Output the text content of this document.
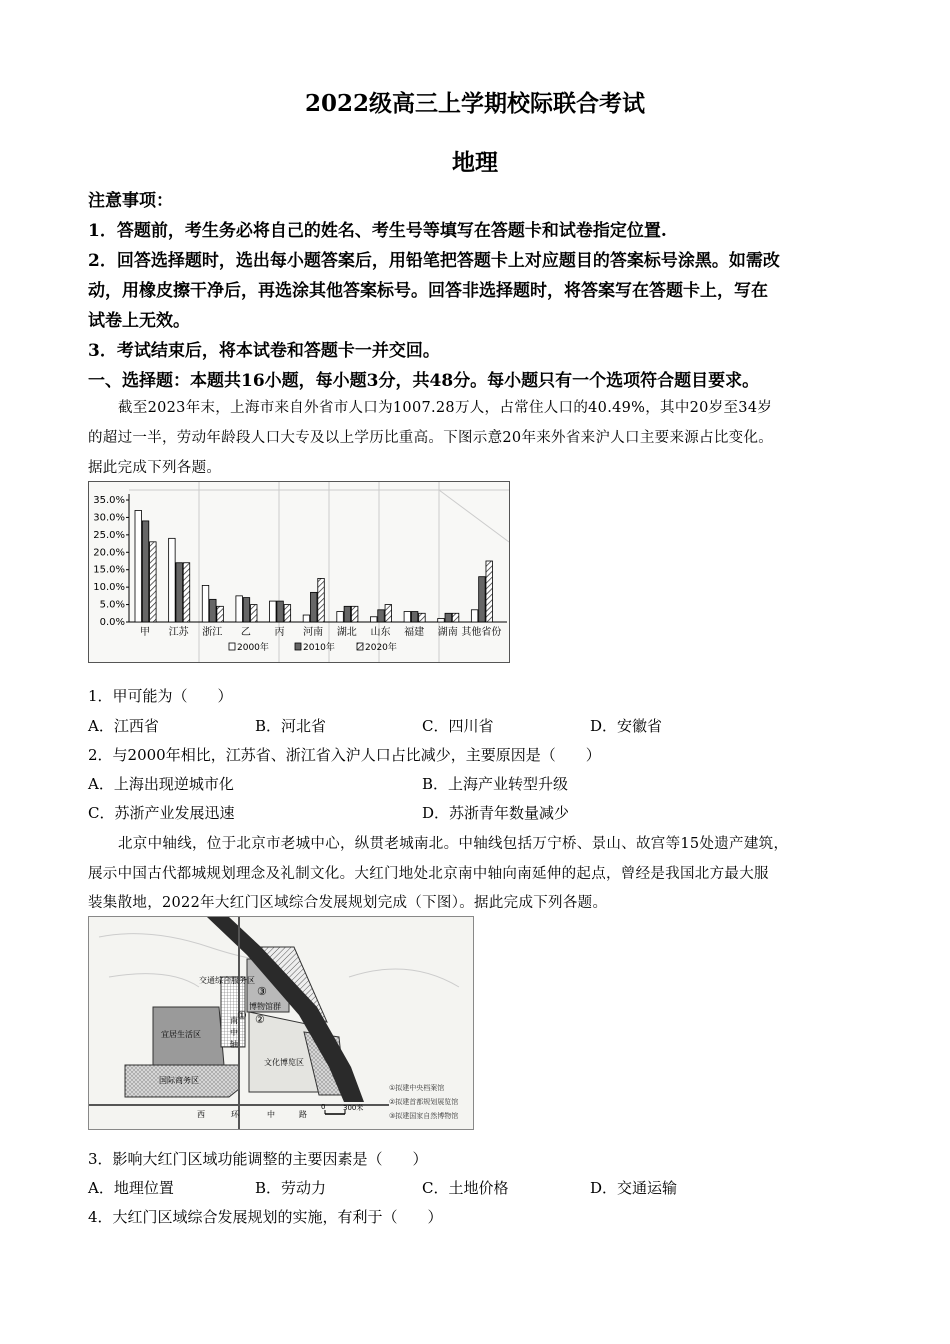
2022级高三上学期校际联合考试
地理
注意事项：
1．答题前，考生务必将自己的姓名、考生号等填写在答题卡和试卷指定位置.
2．回答选择题时，选出每小题答案后，用铅笔把答题卡上对应题目的答案标号涂黑。如需改
动，用橡皮擦干净后，再选涂其他答案标号。回答非选择题时，将答案写在答题卡上，写在
试卷上无效。
3．考试结束后，将本试卷和答题卡一并交回。
一、选择题：本题共16小题，每小题3分，共48分。每小题只有一个选项符合题目要求。
截至2023年末，上海市来自外省市人口为1007.28万人，占常住人口的40.49%，其中20岁至34岁
的超过一半，劳动年龄段人口大专及以上学历比重高。下图示意20年来外省来沪人口主要来源占比变化。
据此完成下列各题。
35.0%
30.0%
25.0%
20.0%
15.0%
10.0%
5.0%
0.0%
甲 江苏 浙江 乙 丙 河南 湖北 山东 福建 湖南 其他省份
2000年	2010年	2020年
1．甲可能为（　　）
A．江西省	B．河北省	C．四川省	D．安徽省
2．与2000年相比，江苏省、浙江省入沪人口占比减少，主要原因是（　　）
A．上海出现逆城市化	B．上海产业转型升级
C．苏浙产业发展迅速	D．苏浙青年数量减少
北京中轴线，位于北京市老城中心，纵贯老城南北。中轴线包括万宁桥、景山、故宫等15处遗产建筑，
展示中国古代都城规划理念及礼制文化。大红门地处北京南中轴向南延伸的起点，曾经是我国北方最大服
装集散地，2022年大红门区域综合发展规划完成（下图）。据此完成下列各题。
交通综合服务区
博物馆群
宜居生活区
国际商务区
文化博览区
南
中
轴
西	环	中	路
③
②
①
①拟建中央档案馆
②拟建首都规划展览馆
③拟建国家自然博物馆
0	300米
3．影响大红门区域功能调整的主要因素是（　　）
A．地理位置	B．劳动力	C．土地价格	D．交通运输
4．大红门区域综合发展规划的实施，有利于（　　）
